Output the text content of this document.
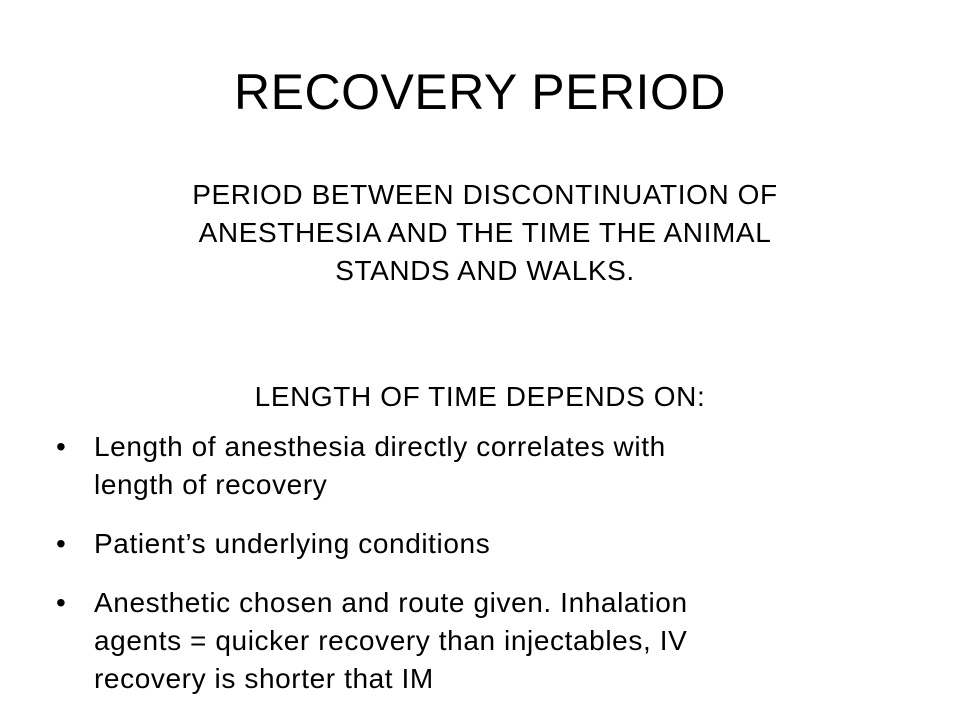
RECOVERY PERIOD
PERIOD BETWEEN DISCONTINUATION OF
ANESTHESIA AND THE TIME THE ANIMAL
STANDS AND WALKS.
LENGTH OF TIME DEPENDS ON:
• Length of anesthesia directly correlates with
length of recovery
• Patient’s underlying conditions
• Anesthetic chosen and route given. Inhalation
agents = quicker recovery than injectables, IV
recovery is shorter that IM
